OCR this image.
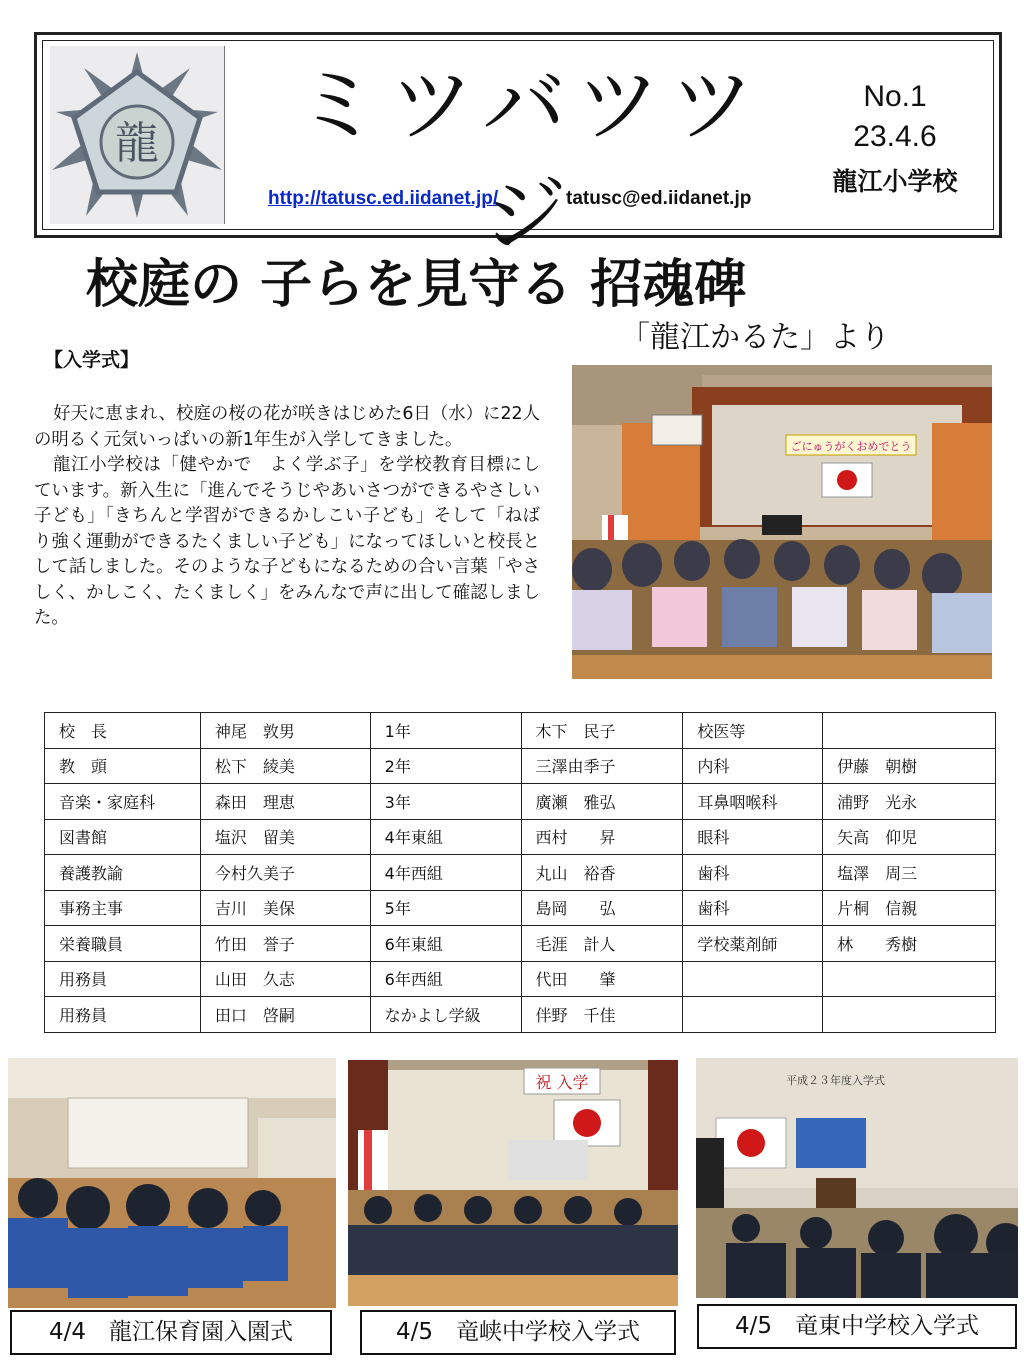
龍	ミツバツツジ
http://tatusc.ed.iidanet.jp/	tatusc@ed.iidanet.jp
No.1
23.4.6
龍江小学校
校庭の 子らを見守る 招魂碑
「龍江かるた」より
【入学式】

好天に恵まれ、校庭の桜の花が咲きはじめた6日（水）に22人の明るく元気いっぱいの新1年生が入学してきました。

龍江小学校は「健やかで　よく学ぶ子」を学校教育目標にしています。新入生に「進んでそうじやあいさつができるやさしい子ども」「きちんと学習ができるかしこい子ども」そして「ねばり強く運動ができるたくましい子ども」になってほしいと校長として話しました。そのような子どもになるための合い言葉「やさしく、かしこく、たくましく」をみんなで声に出して確認しました。

ごにゅうがくおめでとう
校　長	神尾　敦男	1年	木下　民子	校医等	
教　頭	松下　綾美	2年	三澤由季子	内科	伊藤　朝樹
音楽・家庭科	森田　理恵	3年	廣瀬　雅弘	耳鼻咽喉科	浦野　光永
図書館	塩沢　留美	4年東組	西村　　昇	眼科	矢高　仰児
養護教諭	今村久美子	4年西組	丸山　裕香	歯科	塩澤　周三
事務主事	吉川　美保	5年	島岡　　弘	歯科	片桐　信親
栄養職員	竹田　誉子	6年東組	毛涯　計人	学校薬剤師	林　　秀樹
用務員	山田　久志	6年西組	代田　　肇		
用務員	田口　啓嗣	なかよし学級	伴野　千佳		
祝 入学	平成２３年度入学式
4/4　龍江保育園入園式	4/5　竜峡中学校入学式	4/5　竜東中学校入学式
